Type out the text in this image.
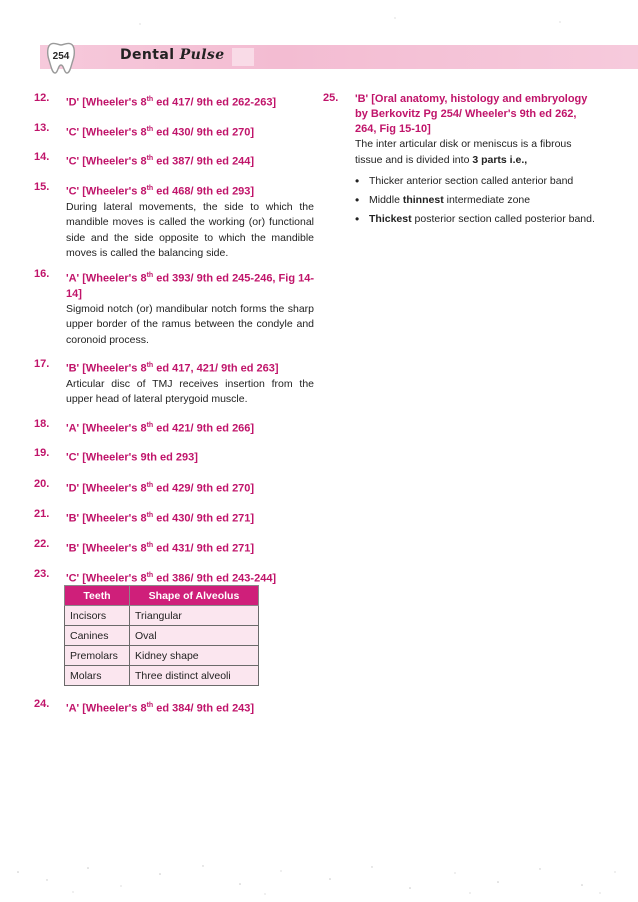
254	Dental Pulse
12.	'D' [Wheeler's 8th ed 417/ 9th ed 262-263]
13.	'C' [Wheeler's 8th ed 430/ 9th ed 270]
14.	'C' [Wheeler's 8th ed 387/ 9th ed 244]
15.	'C' [Wheeler's 8th ed 468/ 9th ed 293]
During lateral movements, the side to which the mandible moves is called the working (or) functional side and the side opposite to which the mandible moves is called the balancing side.
16.	'A' [Wheeler's 8th ed 393/ 9th ed 245-246, Fig 14-14]
Sigmoid notch (or) mandibular notch forms the sharp upper border of the ramus between the condyle and coronoid process.
17.	'B' [Wheeler's 8th ed 417, 421/ 9th ed 263]
Articular disc of TMJ receives insertion from the upper head of lateral pterygoid muscle.
18.	'A' [Wheeler's 8th ed 421/ 9th ed 266]
19.	'C' [Wheeler's 9th ed 293]
20.	'D' [Wheeler's 8th ed 429/ 9th ed 270]
21.	'B' [Wheeler's 8th ed 430/ 9th ed 271]
22.	'B' [Wheeler's 8th ed 431/ 9th ed 271]
23.	'C' [Wheeler's 8th ed 386/ 9th ed 243-244]
24.	'A' [Wheeler's 8th ed 384/ 9th ed 243]
Teeth	Shape of Alveolus
Incisors	Triangular
Canines	Oval
Premolars	Kidney shape
Molars	Three distinct alveoli
25.	'B' [Oral anatomy, histology and embryology by Berkovitz Pg 254/ Wheeler's 9th ed 262, 264, Fig 15-10]
The inter articular disk or meniscus is a fibrous tissue and is divided into 3 parts i.e.,
• Thicker anterior section called anterior band
• Middle thinnest intermediate zone
• Thickest posterior section called posterior band.
